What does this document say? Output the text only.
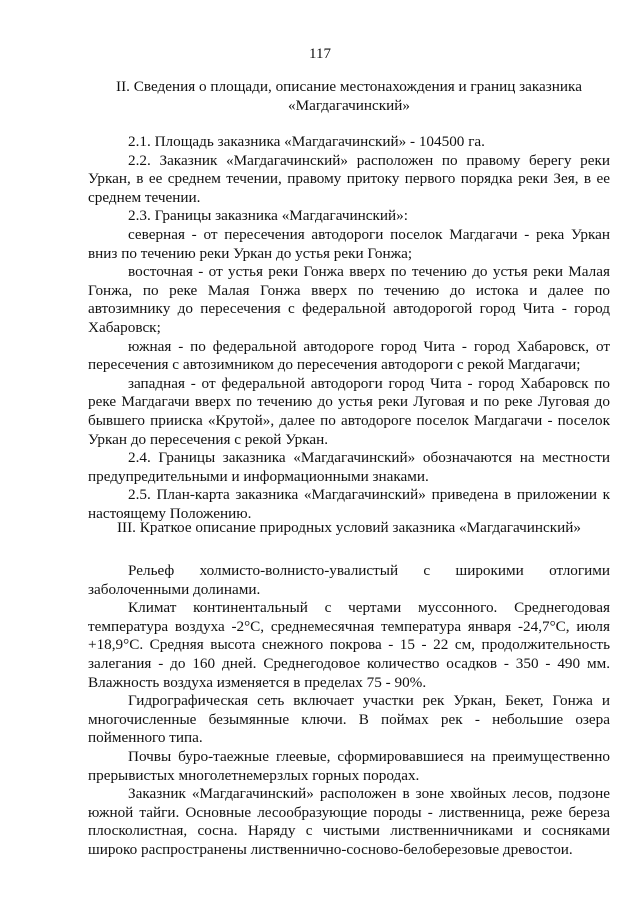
117
II. Сведения о площади, описание местонахождения и границ заказника «Магдагачинский»

2.1. Площадь заказника «Магдагачинский» - 104500 га.

2.2. Заказник «Магдагачинский» расположен по правому берегу реки Уркан, в ее среднем течении, правому притоку первого порядка реки Зея, в ее среднем течении.

2.3. Границы заказника «Магдагачинский»:

северная - от пересечения автодороги поселок Магдагачи - река Уркан вниз по течению реки Уркан до устья реки Гонжа;

восточная - от устья реки Гонжа вверх по течению до устья реки Малая Гонжа, по реке Малая Гонжа вверх по течению до истока и далее по автозимнику до пересечения с федеральной автодорогой город Чита - город Хабаровск;

южная - по федеральной автодороге город Чита - город Хабаровск, от пересечения с автозимником до пересечения автодороги с рекой Магдагачи;

западная - от федеральной автодороги город Чита - город Хабаровск по реке Магдагачи вверх по течению до устья реки Луговая и по реке Луговая до бывшего прииска «Крутой», далее по автодороге поселок Магдагачи - поселок Уркан до пересечения с рекой Уркан.

2.4. Границы заказника «Магдагачинский» обозначаются на местности предупредительными и информационными знаками.

2.5. План-карта заказника «Магдагачинский» приведена в приложении к настоящему Положению.

III. Краткое описание природных условий заказника «Магдагачинский»

Рельеф холмисто-волнисто-увалистый с широкими отлогими заболоченными долинами.

Климат континентальный с чертами муссонного. Среднегодовая температура воздуха -2°С, среднемесячная температура января -24,7°С, июля +18,9°С. Средняя высота снежного покрова - 15 - 22 см, продолжительность залегания - до 160 дней. Среднегодовое количество осадков - 350 - 490 мм. Влажность воздуха изменяется в пределах 75 - 90%.

Гидрографическая сеть включает участки рек Уркан, Бекет, Гонжа и многочисленные безымянные ключи. В поймах рек - небольшие озера пойменного типа.

Почвы буро-таежные глеевые, сформировавшиеся на преимущественно прерывистых многолетнемерзлых горных породах.

Заказник «Магдагачинский» расположен в зоне хвойных лесов, подзоне южной тайги. Основные лесообразующие породы - лиственница, реже береза плосколистная, сосна. Наряду с чистыми лиственничниками и сосняками широко распространены лиственнично-сосново-белоберезовые древостои.
